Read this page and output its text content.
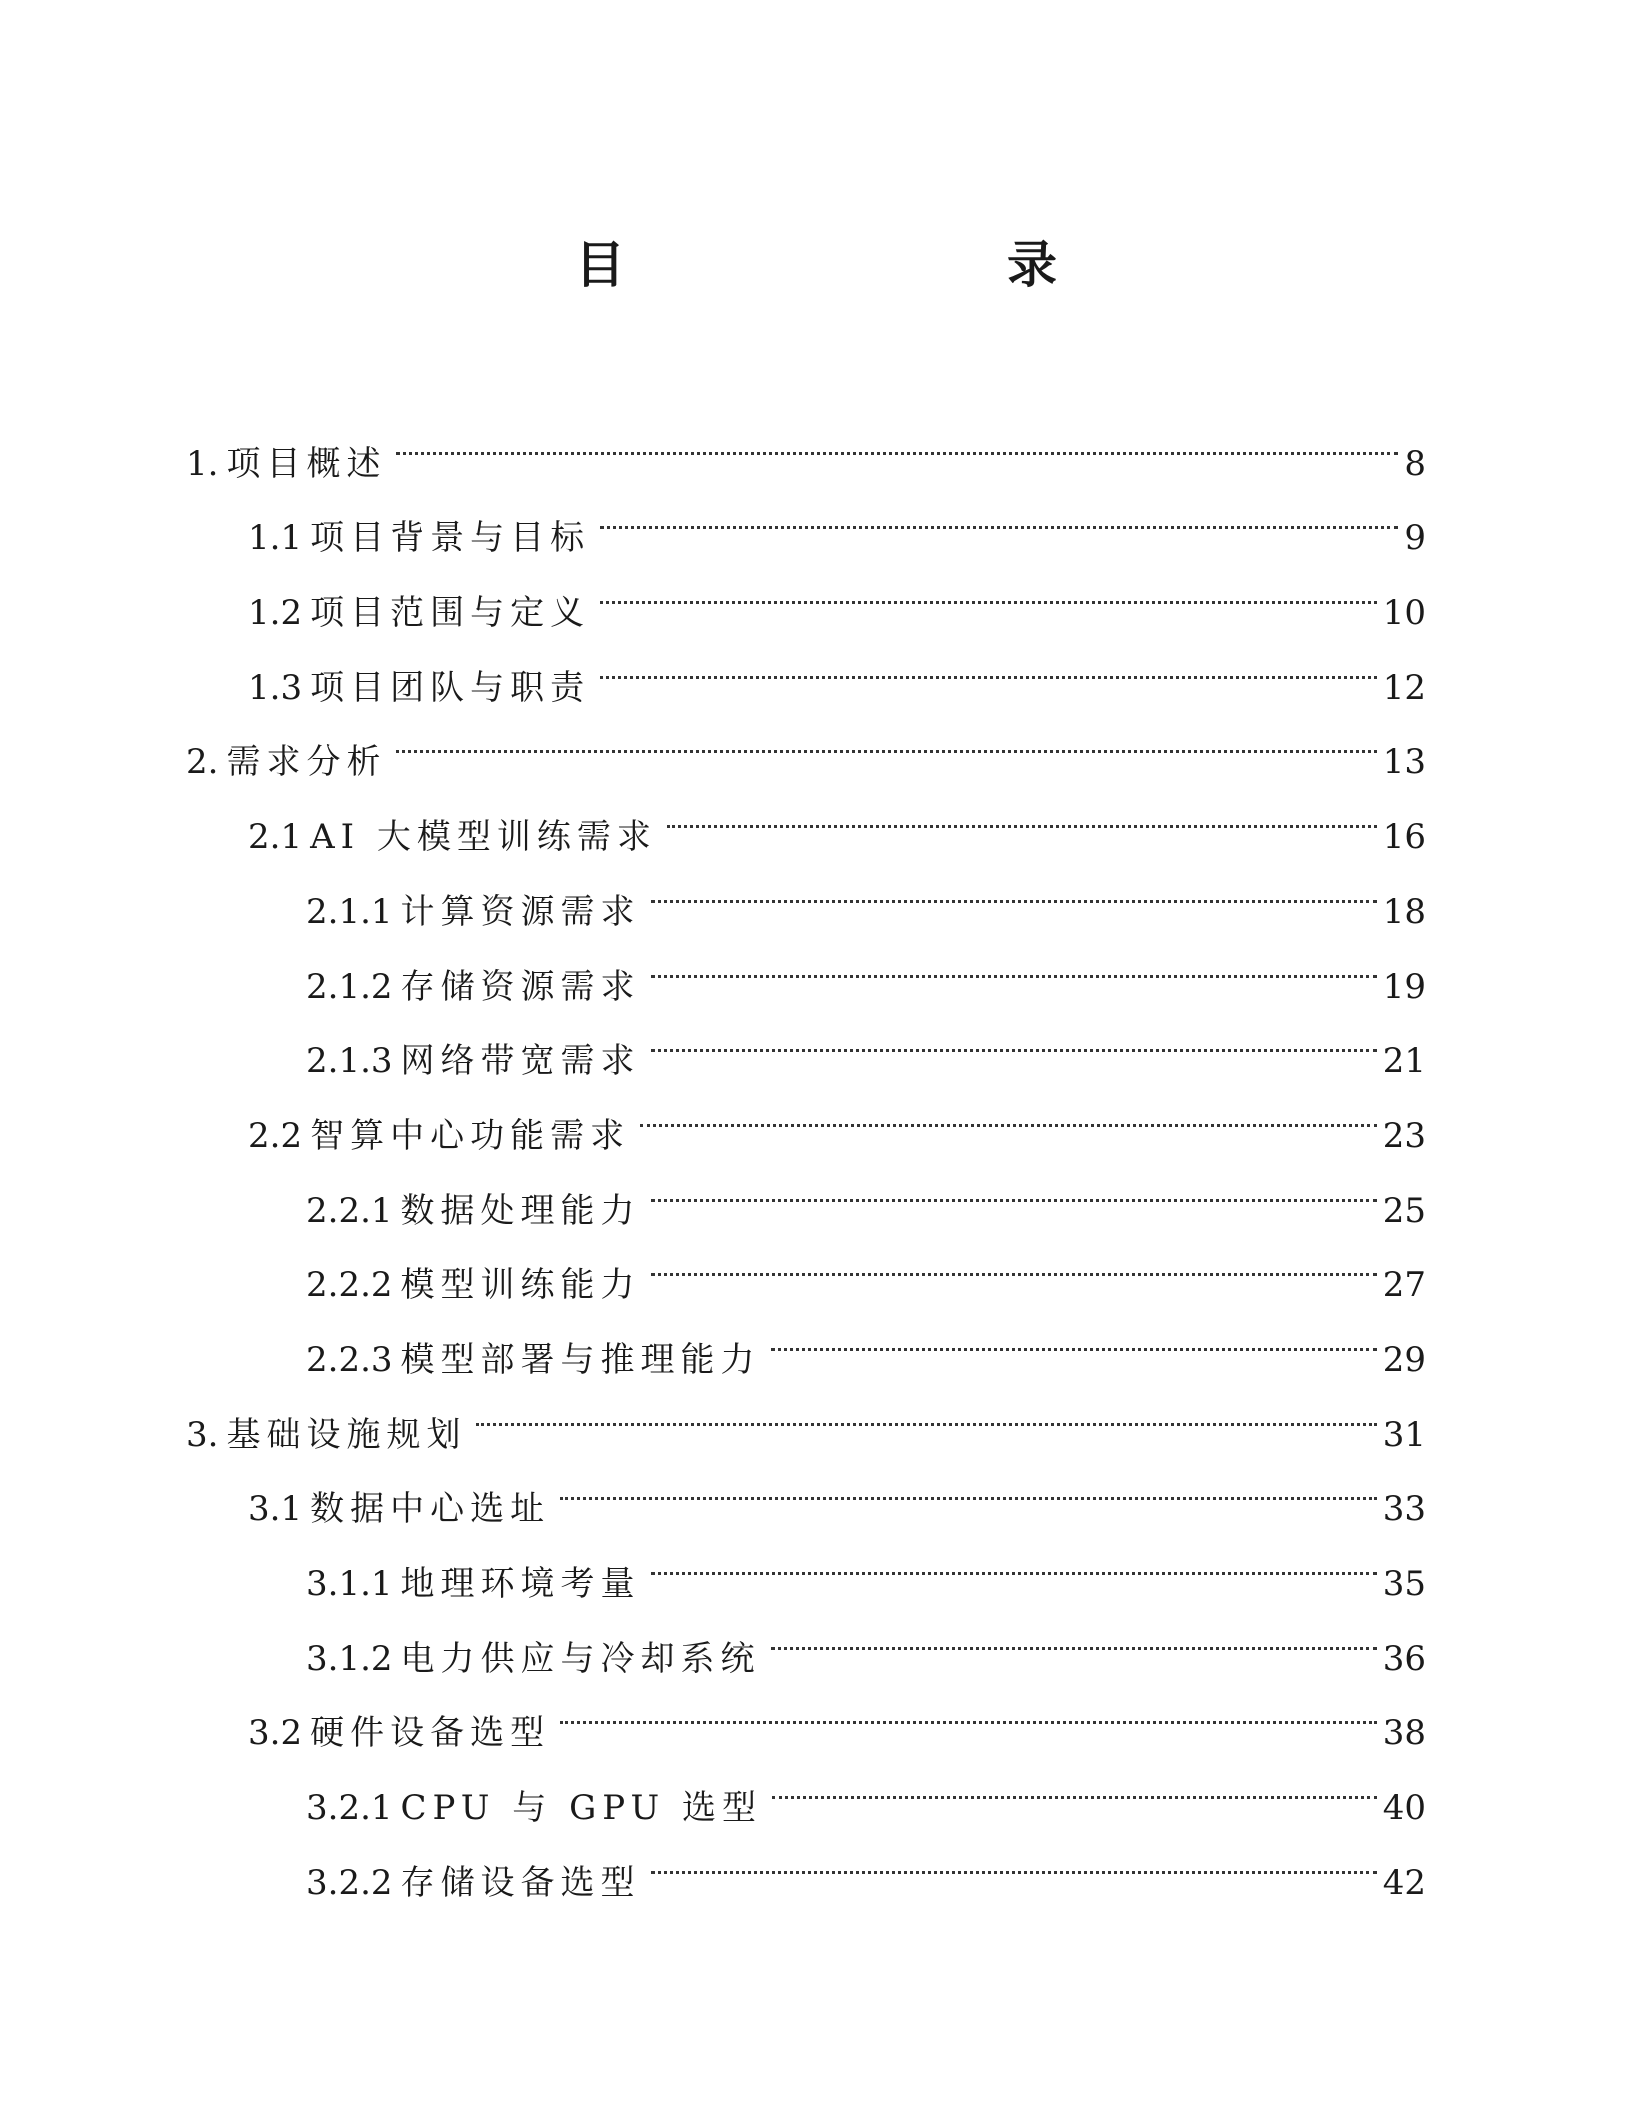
目　　录
1. 项目概述	8
1.1 项目背景与目标	9
1.2 项目范围与定义	10
1.3 项目团队与职责	12
2. 需求分析	13
2.1 AI 大模型训练需求	16
2.1.1 计算资源需求	18
2.1.2 存储资源需求	19
2.1.3 网络带宽需求	21
2.2 智算中心功能需求	23
2.2.1 数据处理能力	25
2.2.2 模型训练能力	27
2.2.3 模型部署与推理能力	29
3. 基础设施规划	31
3.1 数据中心选址	33
3.1.1 地理环境考量	35
3.1.2 电力供应与冷却系统	36
3.2 硬件设备选型	38
3.2.1 CPU 与 GPU 选型	40
3.2.2 存储设备选型	42
